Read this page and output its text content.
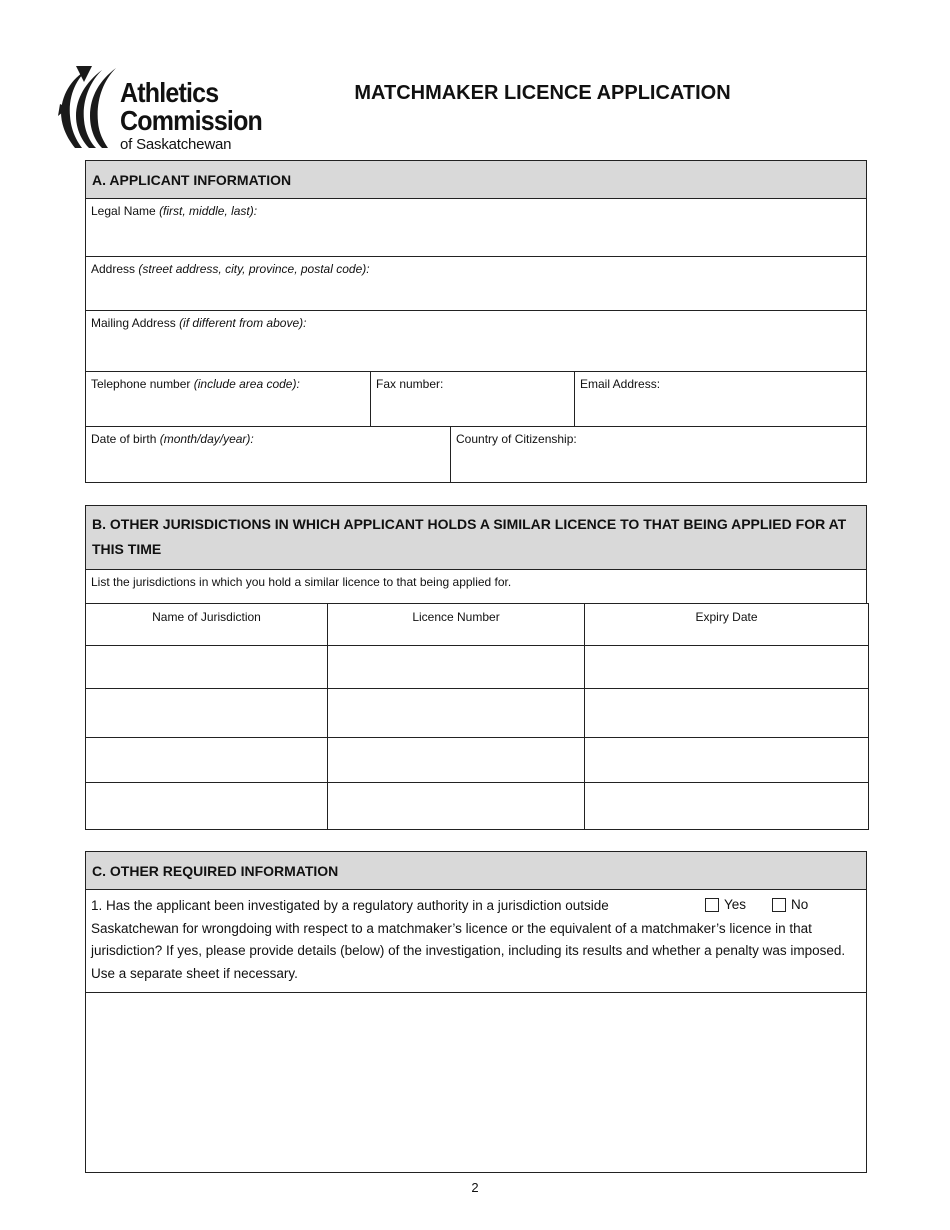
Athletics
Commission
of Saskatchewan
MATCHMAKER LICENCE APPLICATION
A. APPLICANT INFORMATION
Legal Name (first, middle, last):
Address (street address, city, province, postal code):
Mailing Address (if different from above):
Telephone number (include area code):	Fax number:	Email Address:
Date of birth (month/day/year):	Country of Citizenship:
B. OTHER JURISDICTIONS IN WHICH APPLICANT HOLDS A SIMILAR LICENCE TO THAT BEING APPLIED FOR AT THIS TIME
List the jurisdictions in which you hold a similar licence to that being applied for.
Name of Jurisdiction	Licence Number	Expiry Date
C. OTHER REQUIRED INFORMATION
1. Has the applicant been investigated by a regulatory authority in a jurisdiction outside
Saskatchewan for wrongdoing with respect to a matchmaker’s licence or the equivalent of a matchmaker’s licence in that jurisdiction? If yes, please provide details (below) of the investigation, including its results and whether a penalty was imposed. Use a separate sheet if necessary.
Yes	No
2
